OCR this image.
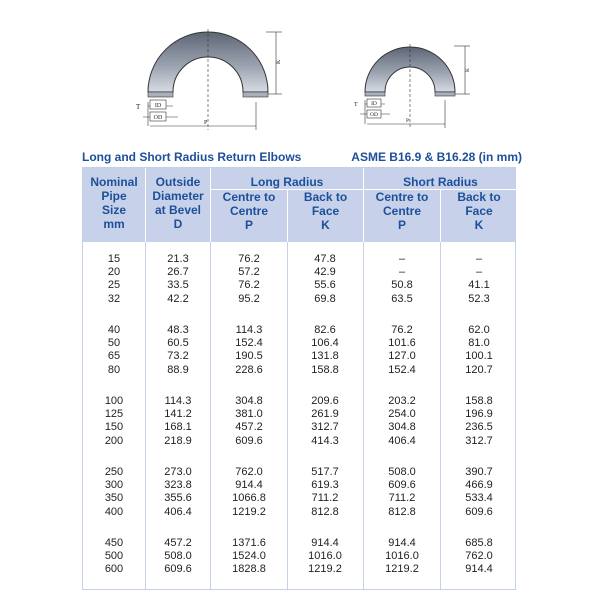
T ID
OD
P
K
T ID
OD
P
K
Long and Short Radius Return Elbows	ASME B16.9 & B16.28 (in mm)
Nominal
Pipe
Size
mm
Outside
Diameter
at Bevel
D
Long Radius	Short Radius
Centre to
Centre
P
Back to
Face
K
Centre to
Centre
P
Back to
Face
K
15	21.3	76.2	47.8	–	–
20	26.7	57.2	42.9	–	–
25	33.5	76.2	55.6	50.8	41.1
32	42.2	95.2	69.8	63.5	52.3
40	48.3	114.3	82.6	76.2	62.0
50	60.5	152.4	106.4	101.6	81.0
65	73.2	190.5	131.8	127.0	100.1
80	88.9	228.6	158.8	152.4	120.7
100	114.3	304.8	209.6	203.2	158.8
125	141.2	381.0	261.9	254.0	196.9
150	168.1	457.2	312.7	304.8	236.5
200	218.9	609.6	414.3	406.4	312.7
250	273.0	762.0	517.7	508.0	390.7
300	323.8	914.4	619.3	609.6	466.9
350	355.6	1066.8	711.2	711.2	533.4
400	406.4	1219.2	812.8	812.8	609.6
450	457.2	1371.6	914.4	914.4	685.8
500	508.0	1524.0	1016.0	1016.0	762.0
600	609.6	1828.8	1219.2	1219.2	914.4
